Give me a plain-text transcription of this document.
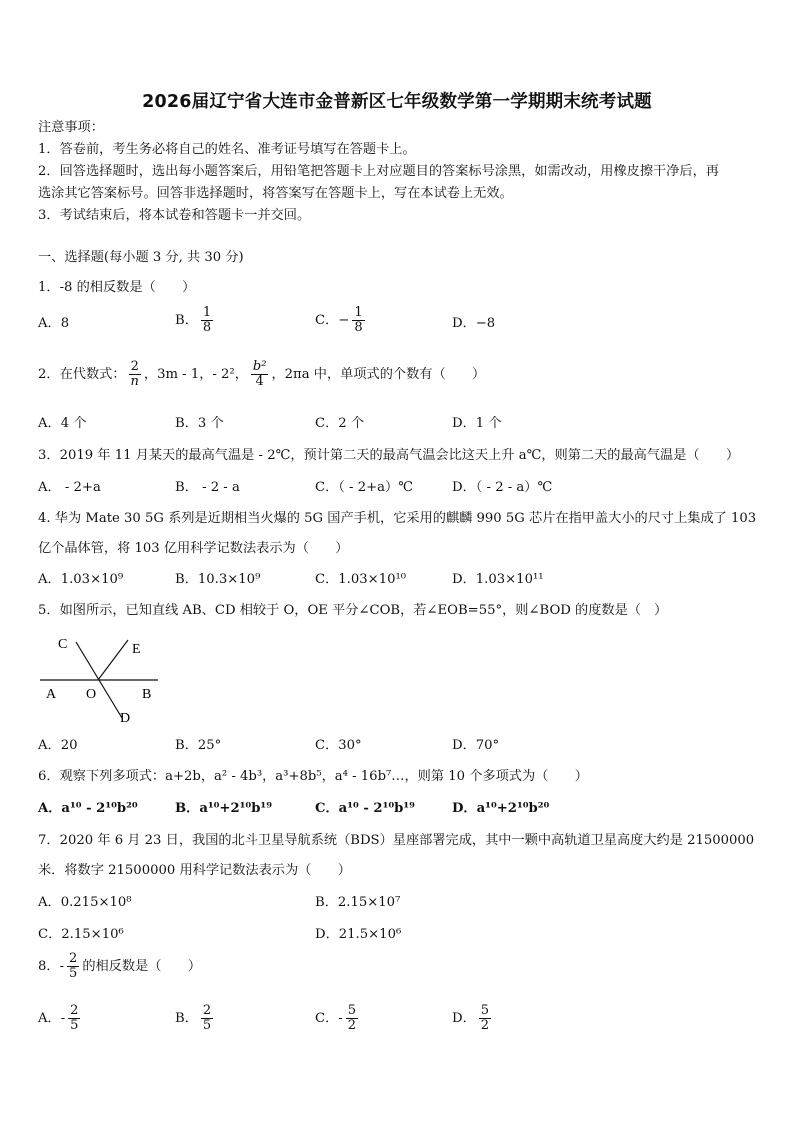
2026届辽宁省大连市金普新区七年级数学第一学期期末统考试题
注意事项：
1．答卷前，考生务必将自己的姓名、准考证号填写在答题卡上。
2．回答选择题时，选出每小题答案后，用铅笔把答题卡上对应题目的答案标号涂黑，如需改动，用橡皮擦干净后，再
选涂其它答案标号。回答非选择题时，将答案写在答题卡上，写在本试卷上无效。
3．考试结束后，将本试卷和答题卡一并交回。
一、选择题(每小题 3 分, 共 30 分)
1．-8 的相反数是（　　）
A．8	B． $\frac{1}{8}$	C．− $\frac{1}{8}$	D．−8
2．在代数式： $\frac{2}{n}$ ，3m - 1，- 2²， $\frac{\text{b²}}{4}$ ，2πa 中，单项式的个数有（　　）
A．4 个	B．3 个	C．2 个	D．1 个
3．2019 年 11 月某天的最高气温是 - 2℃，预计第二天的最高气温会比这天上升 a℃，则第二天的最高气温是（　　）
A． - 2+a	B． - 2 - a	C．（ - 2+a）℃	D．（ - 2 - a）℃
4. 华为 Mate 30 5G 系列是近期相当火爆的 5G 国产手机，它采用的麒麟 990 5G 芯片在指甲盖大小的尺寸上集成了 103
亿个晶体管，将 103 亿用科学记数法表示为（　　）
A．1.03×10⁹	B．10.3×10⁹	C．1.03×10¹⁰	D．1.03×10¹¹
5．如图所示，已知直线 AB、CD 相较于 O，OE 平分∠COB，若∠EOB=55°，则∠BOD 的度数是（　）
C	E
A O	B
D
A．20	B．25°	C．30°	D．70°
6．观察下列多项式：a+2b，a² - 4b³，a³+8b⁵，a⁴ - 16b⁷…，则第 10 个多项式为（　　）
A．a¹⁰ - 2¹⁰b²⁰	B．a¹⁰+2¹⁰b¹⁹	C．a¹⁰ - 2¹⁰b¹⁹	D．a¹⁰+2¹⁰b²⁰
7．2020 年 6 月 23 日，我国的北斗卫星导航系统（BDS）星座部署完成，其中一颗中高轨道卫星高度大约是 21500000
米．将数字 21500000 用科学记数法表示为（　　）
A．0.215×10⁸	B．2.15×10⁷
C．2.15×10⁶	D．21.5×10⁶
8．- $\frac{2}{5}$ 的相反数是（　　）
A．- $\frac{2}{5}$	B． $\frac{2}{5}$	C．- $\frac{5}{2}$	D． $\frac{5}{2}$
